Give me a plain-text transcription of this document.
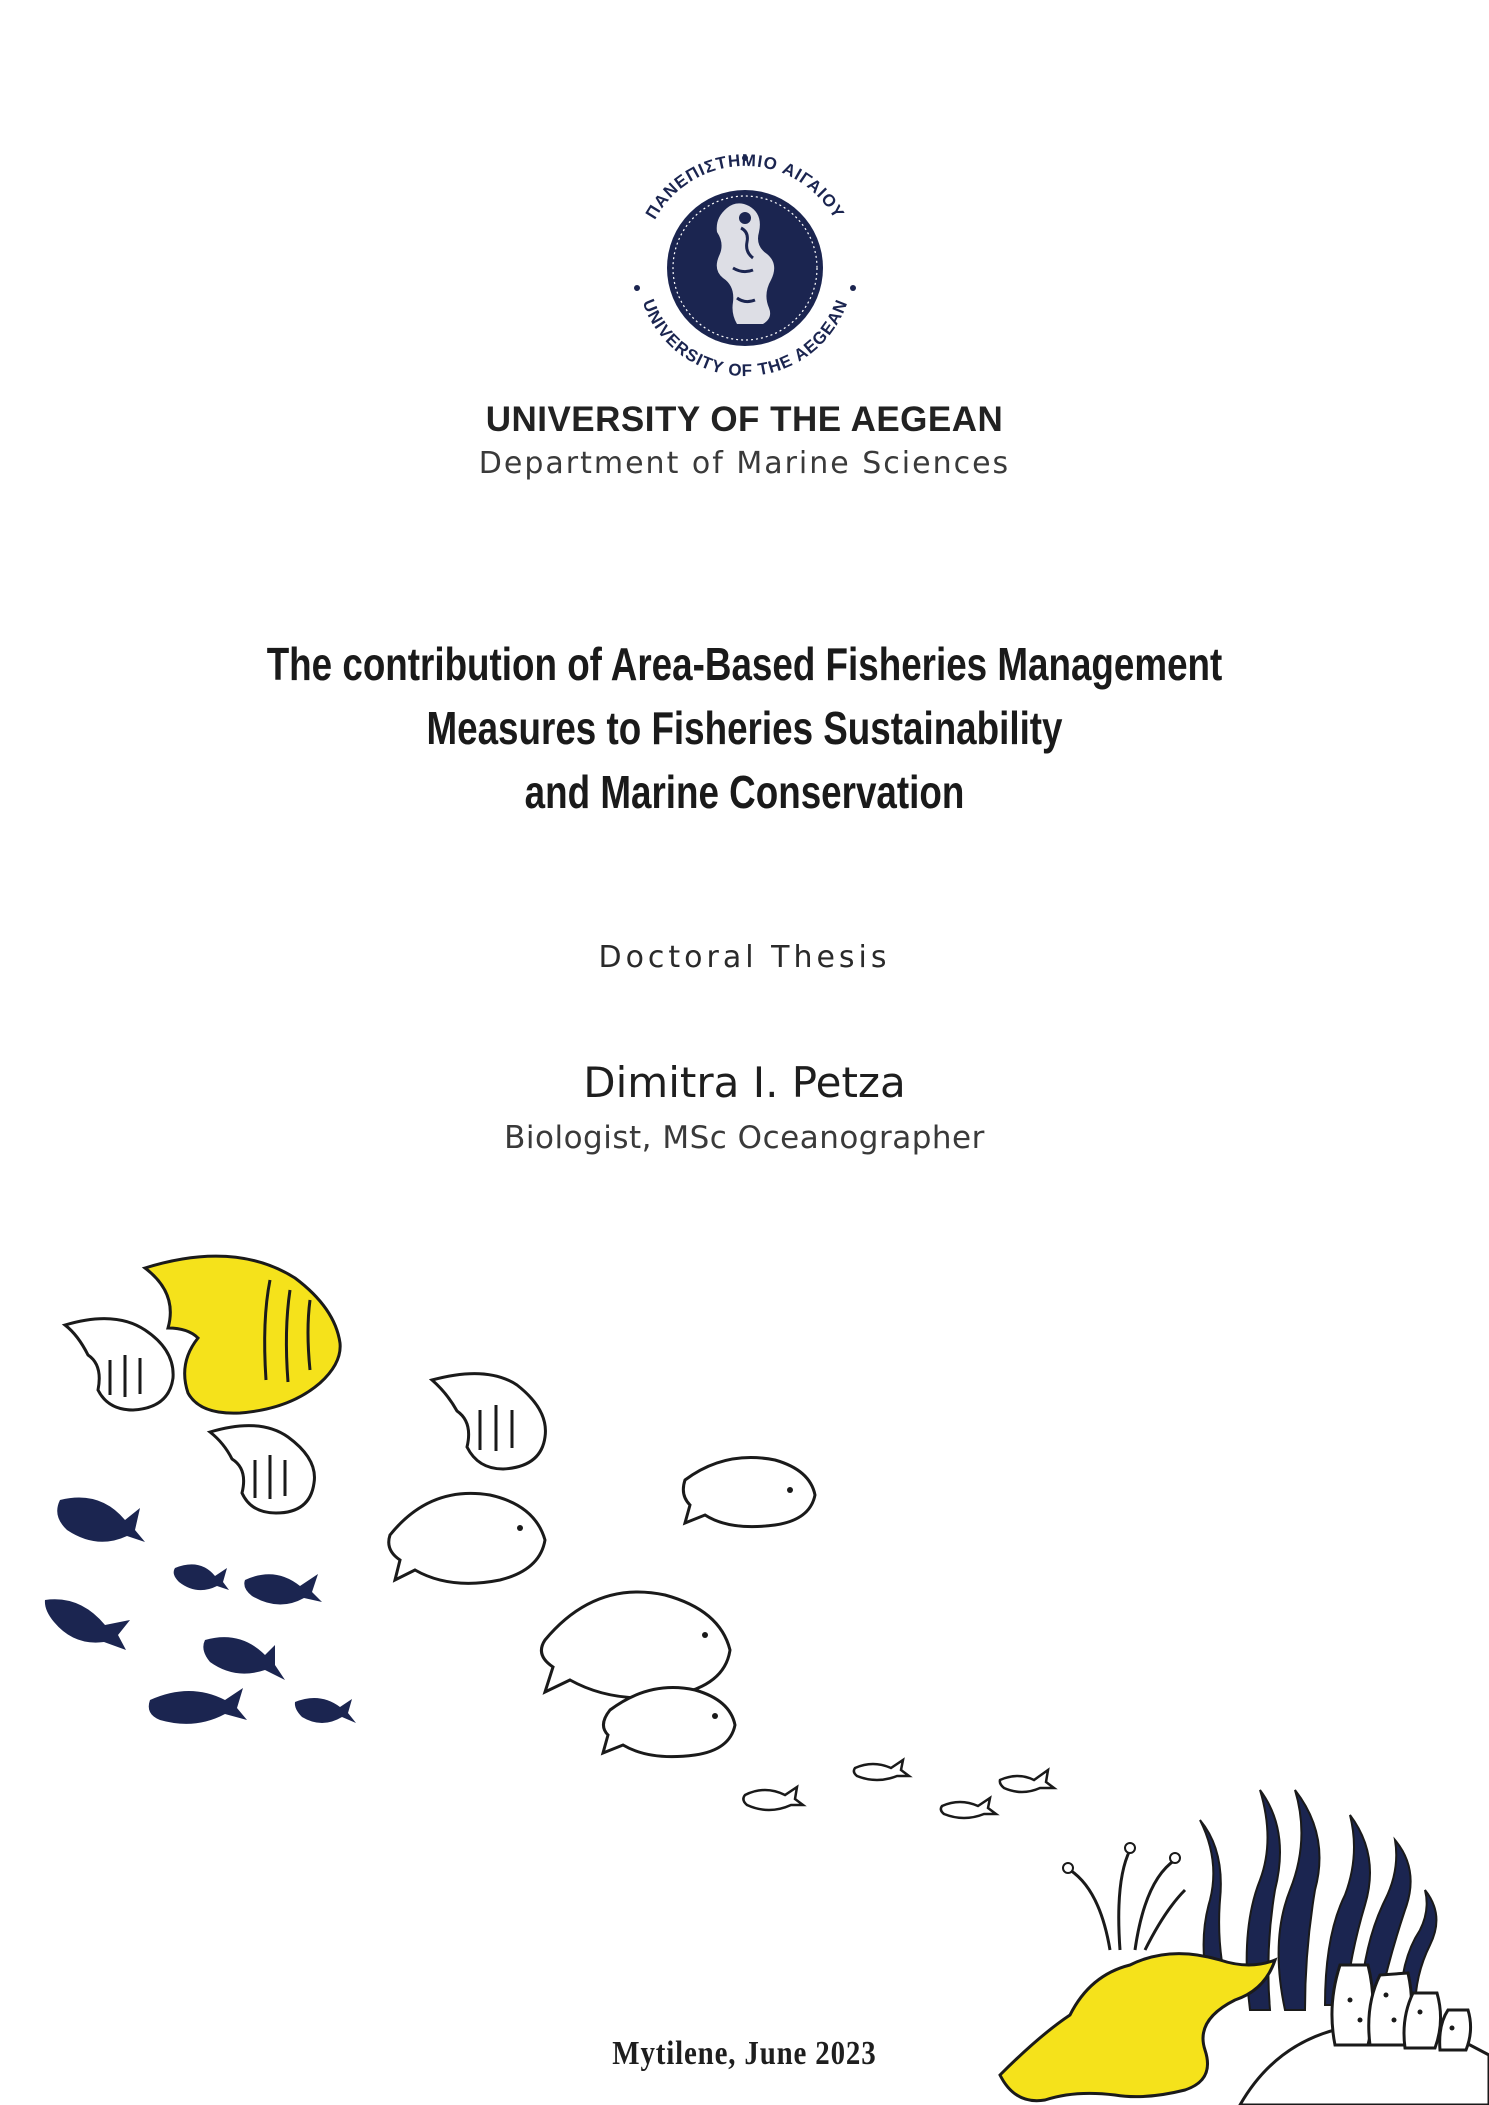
ΠΑΝΕΠΙΣΤΗΜΙΟ ΑΙΓΑΙΟΥ
UNIVERSITY OF THE AEGEAN
UNIVERSITY OF THE AEGEAN
Department of Marine Sciences
The contribution of Area-Based Fisheries Management
Measures to Fisheries Sustainability
and Marine Conservation
Doctoral Thesis
Dimitra I. Petza
Biologist, MSc Oceanographer
Mytilene, June 2023
